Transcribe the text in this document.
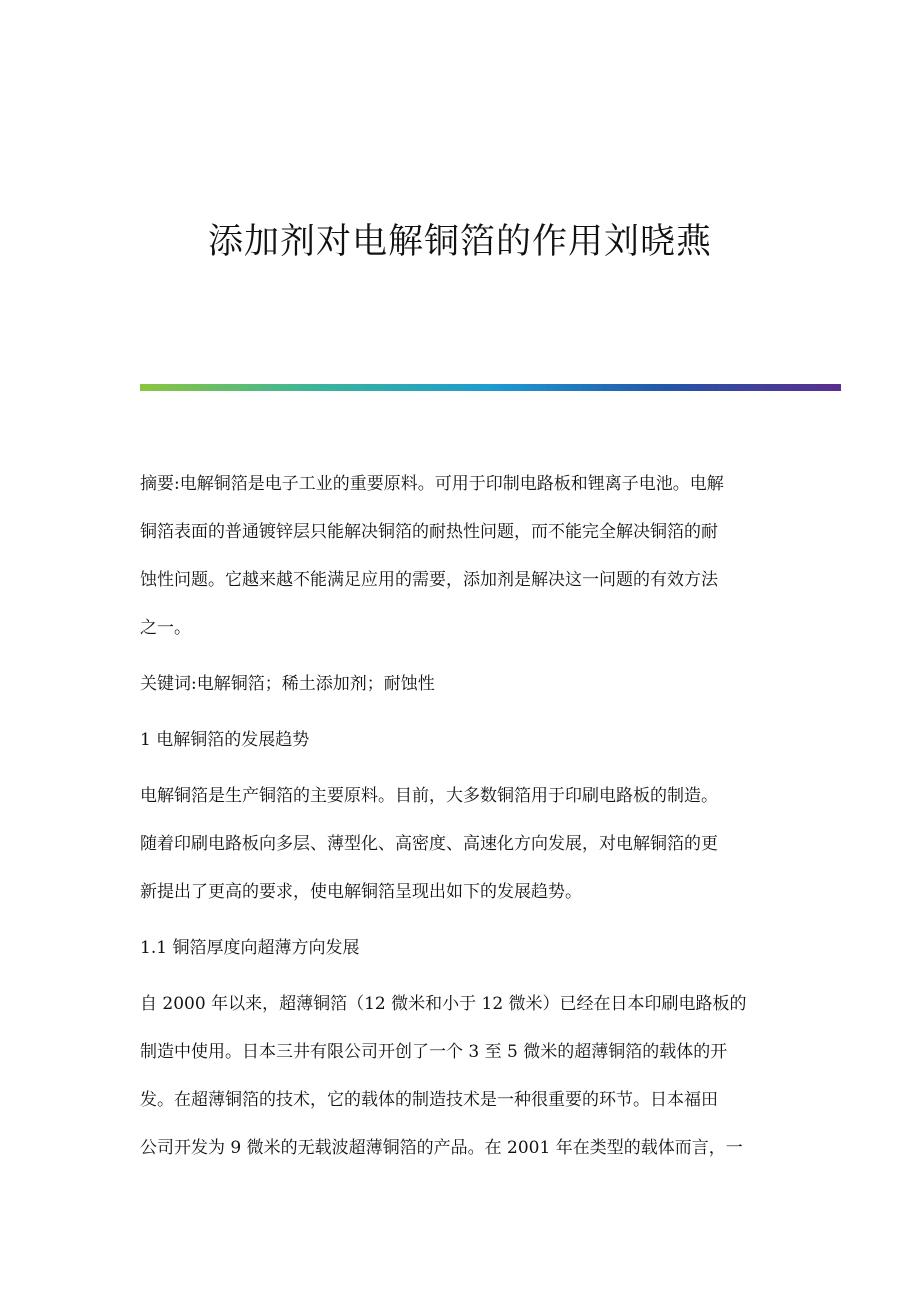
添加剂对电解铜箔的作用刘晓燕
摘要:电解铜箔是电子工业的重要原料。可用于印制电路板和锂离子电池。电解
铜箔表面的普通镀锌层只能解决铜箔的耐热性问题，而不能完全解决铜箔的耐
蚀性问题。它越来越不能满足应用的需要，添加剂是解决这一问题的有效方法
之一。
关键词:电解铜箔；稀土添加剂；耐蚀性
1 电解铜箔的发展趋势
电解铜箔是生产铜箔的主要原料。目前，大多数铜箔用于印刷电路板的制造。
随着印刷电路板向多层、薄型化、高密度、高速化方向发展，对电解铜箔的更
新提出了更高的要求，使电解铜箔呈现出如下的发展趋势。
1.1 铜箔厚度向超薄方向发展
自 2000 年以来，超薄铜箔（12 微米和小于 12 微米）已经在日本印刷电路板的
制造中使用。日本三井有限公司开创了一个 3 至 5 微米的超薄铜箔的载体的开
发。在超薄铜箔的技术，它的载体的制造技术是一种很重要的环节。日本福田
公司开发为 9 微米的无载波超薄铜箔的产品。在 2001 年在类型的载体而言，一
